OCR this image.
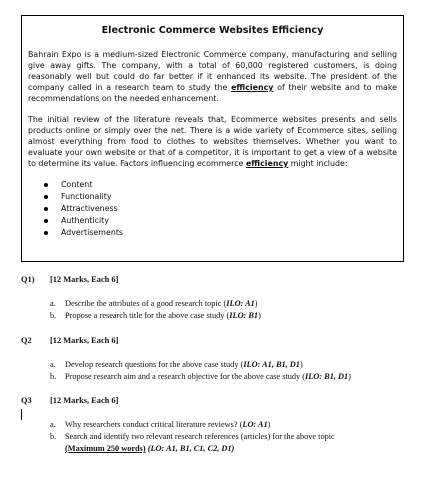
Electronic Commerce Websites Efficiency

Bahrain Expo is a medium-sized Electronic Commerce company, manufacturing and selling give away gifts. The company, with a total of 60,000 registered customers, is doing reasonably well but could do far better if it enhanced its website. The president of the company called in a research team to study the efficiency of their website and to make recommendations on the needed enhancement.

The initial review of the literature reveals that, Ecommerce websites presents and sells products online or simply over the net. There is a wide variety of Ecommerce sites, selling almost everything from food to clothes to websites themselves. Whether you want to evaluate your own website or that of a competitor, it is important to get a view of a website to determine its value. Factors influencing ecommerce efficiency might include:

Content
Functionality
Attractiveness
Authenticity
Advertisements
Q1) [12 Marks, Each 6]
a. Describe the attributes of a good research topic (ILO: A1)
b. Propose a research title for the above case study (ILO: B1)
Q2 [12 Marks, Each 6]
a. Develop research questions for the above case study (ILO: A1, B1, D1)
b. Propose research aim and a research objective for the above case study (ILO: B1, D1)
Q3 [12 Marks, Each 6]
a. Why researchers conduct critical literature reviews? (LO: A1)
b. Search and identify two relevant research references (articles) for the above topic
(Maximum 250 words) (LO: A1, B1, C1, C2, D1)
